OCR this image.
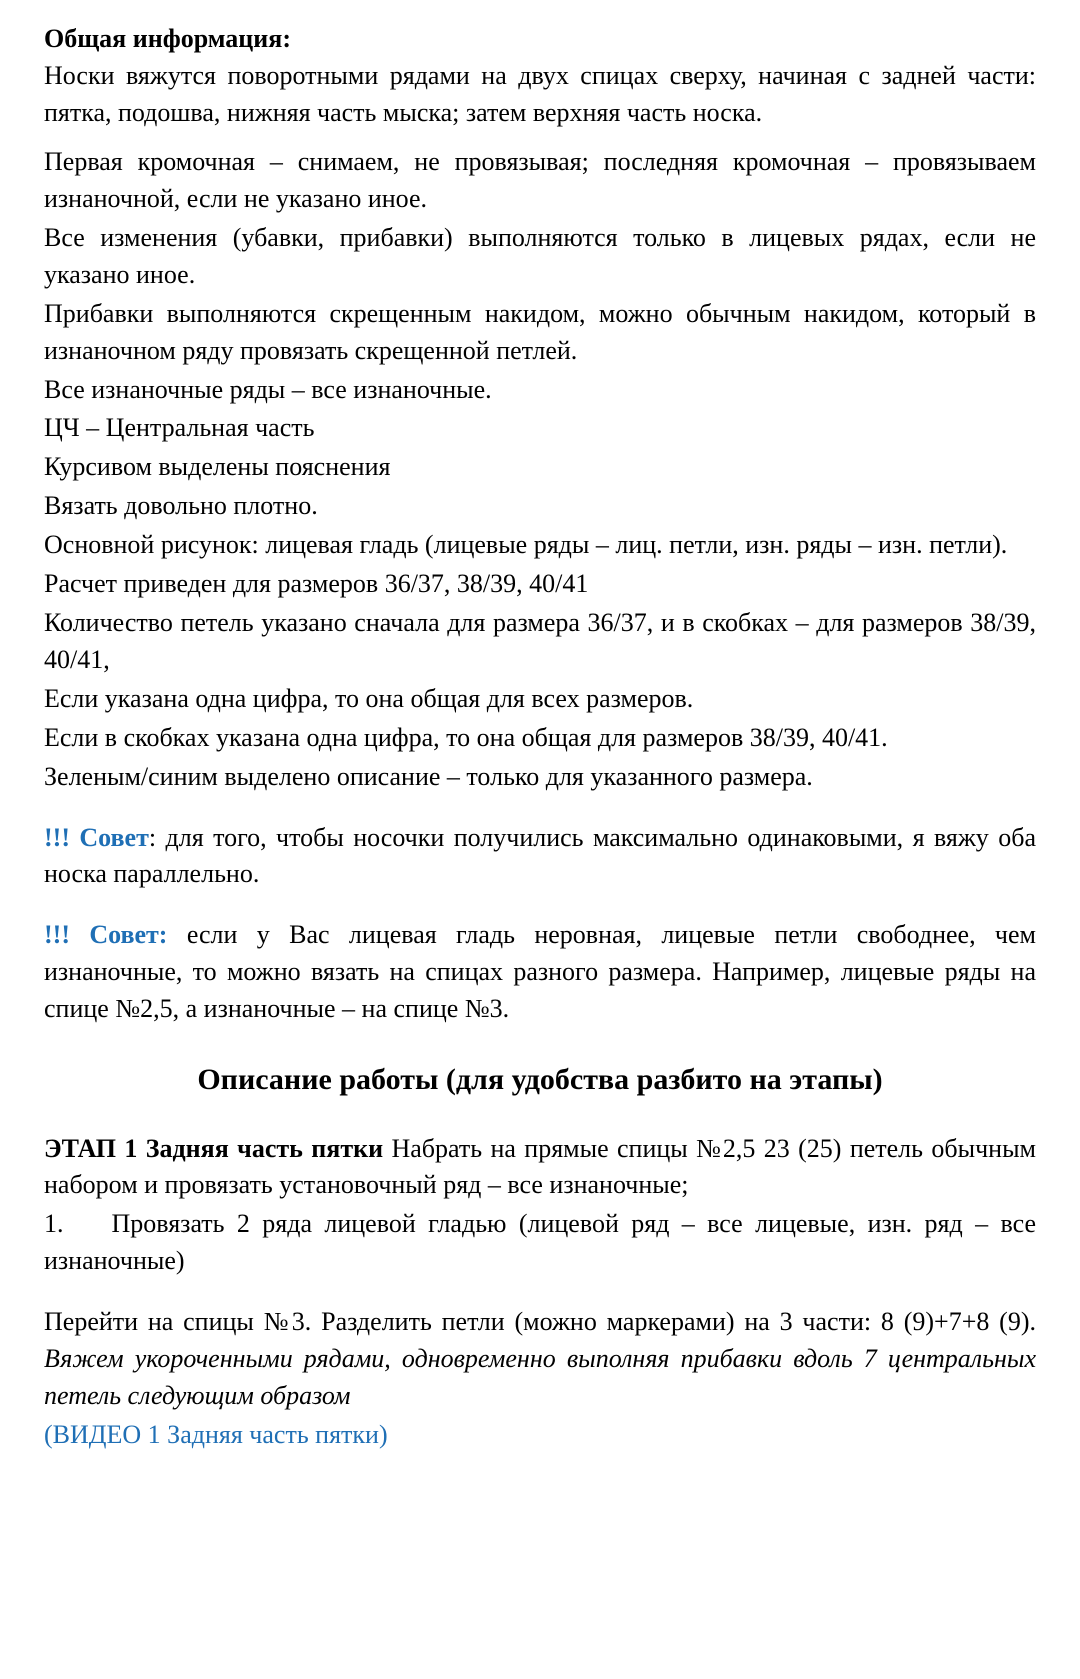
Общая информация:

Носки вяжутся поворотными рядами на двух спицах сверху, начиная с задней части: пятка, подошва, нижняя часть мыска; затем верхняя часть носка.

Первая кромочная – снимаем, не провязывая; последняя кромочная – провязываем изнаночной, если не указано иное.

Все изменения (убавки, прибавки) выполняются только в лицевых рядах, если не указано иное.

Прибавки выполняются скрещенным накидом, можно обычным накидом, который в изнаночном ряду провязать скрещенной петлей.

Все изнаночные ряды – все изнаночные.

ЦЧ – Центральная часть

Курсивом выделены пояснения

Вязать довольно плотно.

Основной рисунок: лицевая гладь (лицевые ряды – лиц. петли, изн. ряды – изн. петли).

Расчет приведен для размеров 36/37, 38/39, 40/41

Количество петель указано сначала для размера 36/37, и в скобках – для размеров 38/39, 40/41,

Если указана одна цифра, то она общая для всех размеров.

Если в скобках указана одна цифра, то она общая для размеров 38/39, 40/41.

Зеленым/синим выделено описание – только для указанного размера.

!!! Совет: для того, чтобы носочки получились максимально одинаковыми, я вяжу оба носка параллельно.

!!! Совет: если у Вас лицевая гладь неровная, лицевые петли свободнее, чем изнаночные, то можно вязать на спицах разного размера. Например, лицевые ряды на спице №2,5, а изнаночные – на спице №3.

Описание работы (для удобства разбито на этапы)

ЭТАП 1 Задняя часть пятки Набрать на прямые спицы №2,5 23 (25) петель обычным набором и провязать установочный ряд – все изнаночные;

1. Провязать 2 ряда лицевой гладью (лицевой ряд – все лицевые, изн. ряд – все изнаночные)

Перейти на спицы №3. Разделить петли (можно маркерами) на 3 части: 8 (9)+7+8 (9). Вяжем укороченными рядами, одновременно выполняя прибавки вдоль 7 центральных петель следующим образом

(ВИДЕО 1 Задняя часть пятки)
